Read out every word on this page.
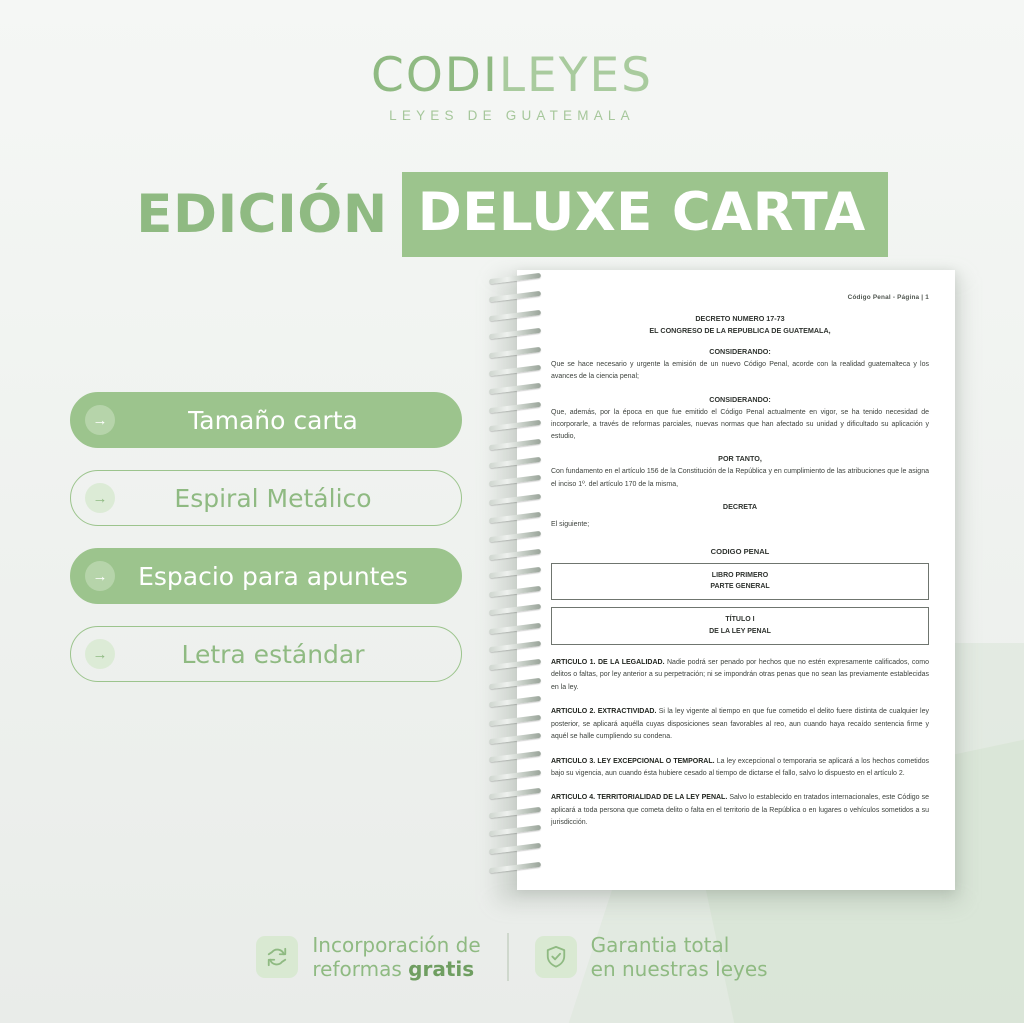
CODILEYES
LEYES DE GUATEMALA
EDICIÓN DELUXE CARTA
→	Tamaño carta
→	Espiral Metálico
→	Espacio para apuntes
→	Letra estándar
Código Penal - Página | 1
DECRETO NUMERO 17-73
EL CONGRESO DE LA REPUBLICA DE GUATEMALA,
CONSIDERANDO:

Que se hace necesario y urgente la emisión de un nuevo Código Penal, acorde con la realidad guatemalteca y los avances de la ciencia penal;

CONSIDERANDO:

Que, además, por la época en que fue emitido el Código Penal actualmente en vigor, se ha tenido necesidad de incorporarle, a través de reformas parciales, nuevas normas que han afectado su unidad y dificultado su aplicación y estudio,

POR TANTO,

Con fundamento en el artículo 156 de la Constitución de la República y en cumplimiento de las atribuciones que le asigna el inciso 1º. del artículo 170 de la misma,

DECRETA

El siguiente;

CODIGO PENAL
LIBRO PRIMERO
PARTE GENERAL
TÍTULO I
DE LA LEY PENAL

ARTICULO 1. DE LA LEGALIDAD. Nadie podrá ser penado por hechos que no estén expresamente calificados, como delitos o faltas, por ley anterior a su perpetración; ni se impondrán otras penas que no sean las previamente establecidas en la ley.

ARTICULO 2. EXTRACTIVIDAD. Si la ley vigente al tiempo en que fue cometido el delito fuere distinta de cualquier ley posterior, se aplicará aquélla cuyas disposiciones sean favorables al reo, aun cuando haya recaído sentencia firme y aquél se halle cumpliendo su condena.

ARTICULO 3. LEY EXCEPCIONAL O TEMPORAL. La ley excepcional o temporaria se aplicará a los hechos cometidos bajo su vigencia, aun cuando ésta hubiere cesado al tiempo de dictarse el fallo, salvo lo dispuesto en el artículo 2.

ARTICULO 4. TERRITORIALIDAD DE LA LEY PENAL. Salvo lo establecido en tratados internacionales, este Código se aplicará a toda persona que cometa delito o falta en el territorio de la República o en lugares o vehículos sometidos a su jurisdicción.

Incorporación de
reformas gratis
Garantia total
en nuestras leyes
